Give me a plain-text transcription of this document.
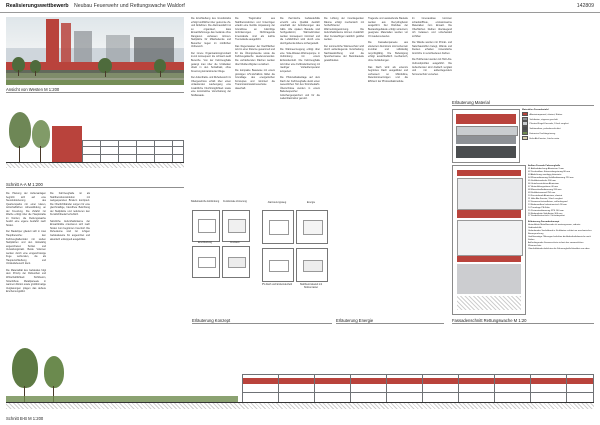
Realisierungswettbewerb Neubau Feuerwehr und Rettungswache Waldorf	142809
Ansicht von Westen M 1:200
Schnitt A-A M 1:200

Die Planung der Außenanlagen begrüßt sich auf eine Neustrukturierung des Quartiersparks mit einer klaren, wirtschaftlichen Adressbildung an der Kreuzung. Die Zufahrt zur Wache erfolgt über die Hauptstraße im Norden; die Rettungswache besitzt eine eigene Ausfahrt nach Süden.

Der Baukörper gliedert sich in zwei Hauptbereiche: den Fahrzeughallentrakt mit sieben Stellplätzen und den rückwärtig angeordneten Sozial- und Verwaltungstrakt. Beide Volumen werden durch eine eingeschossige Fuge verbunden, die als Haupterschließung und Umkleidebereich dient.

Die Materialität des Gebäudes folgt dem Prinzip der Robustheit und Wirtschaftlichkeit: Sichtbeton, hinterlüftete Metallpaneele in warmem Rotton sowie großformatige Verglasungen prägen das äußere Erscheinungsbild.

Die Fahrzeughalle ist als Stahlbetonkonstruktion mit weitgespannten Bindern konzipiert. Die Oberlichtbänder sorgen für eine gleichmäßige, blendfreie Belichtung der Stellplätze und reduzieren den Kunstlichtbedarf erheblich.

Sämtliche Aufenthaltsräume der Einsatzkräfte orientieren sich nach Süden zum begrünten Innenhof. Die Ruheräume sind zur ruhigen Gebäudeseite hin angeordnet und akustisch entkoppelt ausgebildet.

Die Erschließung des Grundstücks erfolgt konfliktfrei über getrennte Zu- und Abfahrten. Die Alarmausfahrt ist so organisiert, dass Einsatzfahrzeuge das Gelände ohne Rangieren verlassen können. Stellplätze für Mitarbeitende und Besucher liegen im nördlichen Vorbereich.

Der innere Organisationsgrundsatz trennt konsequent die schwarz-weiß Bereiche. Von der Fahrzeughalle gelangt man über die Umkleiden direkt in den Sozialtrakt, ohne Kreuzung kontaminierter Wege.

Der Aufenthalts- und Ruhebereich im Obergeschoss erhält über einen umlaufenden Laubengang eine zusätzliche Fluchtmöglichkeit sowie eine konstruktive Verschattung der Südfassade.

Die Tragstruktur aus Stahlbetonstützen und Unterzügen erlaubt eine flexible Anpassung der Grundrisse an zukünftige Anforderungen. Nichttragende Innenwände sind als leichte Trennwände ausgeführt.

Das Regenwasser der Dachflächen wird in einer Zisterne gesammelt und für die Übungszwecke sowie die Fahrzeugwäsche wiederverwendet. Die verbleibenden Flächen werden über Mulden-Rigolen versickert.

Die kompakte Bauweise mit einem günstigen A/V-Verhältnis bildet die Grundlage des energetischen Konzeptes und minimiert die Transmissionswärmeverluste dauerhaft.

Die thermische Gebäudehülle erreicht eine Qualität deutlich unterhalb der Anforderungen des GEG. Alle opaken Bauteile sind hochgedämmt, Wärmebrücken werden konsequent minimiert und die Luftdichtheit wird durch eine durchgehende Ebene sichergestellt.

Die Wärmeerzeugung erfolgt über eine Sole-Wasser-Wärmepumpe in Verbindung mit einem Erdsondenfeld. Die Fahrzeughalle wird über eine Fußbodenheizung mit niedriger Vorlauftemperatur temperiert.

Die Photovoltaikanlage auf dem Dach der Fahrzeughalle deckt einen wesentlichen Teil des Strombedarfs. Überschüsse werden in einem Batteriespeicher zwischengespeichert und für die Ladeinfrastruktur genutzt.

Die Lüftung der innenliegenden Räume erfolgt mechanisch mit hocheffizienter Wärmerückgewinnung. Die Aufenthaltsräume können zusätzlich über Fensterflügel natürlich gelüftet werden.

Der sommerliche Wärmeschutz wird durch außenliegende Verschattung, Nachtauskühlung und die Speichermasse der Betonbauteile gewährleistet.

Tragende und aussteifende Bauteile werden aus Recyclingbeton ausgeführt. Der Rückbau der Bestandsgebäude erfolgt sortenrein; geeignete Materialien werden vor Ort wiederverwertet.

Die Fassadenpaneele aus eloxiertem Aluminium sind sortenrein trennbar und vollständig recyclingfähig. Die Befestigung erfolgt ausschließlich mechanisch, ohne Verklebungen.

Das Dach wird als extensiv begrüntes Dach ausgebildet und verbessert so Mikroklima, Retentionsvermögen und die Effizienz der Photovoltaikmodule.

Im Innenausbau kommen schadstofffreie, emissionsarme Materialien zum Einsatz. Die Oberflächen bleiben überwiegend roh belassen und unbehandelt sichtbar.

Die Wände werden mit Primär- und Naturbaustoffen belegt, Wände und Decken erhalten mineralische Anstriche in verschiedenen Farben.

Die Holzfenster werden mit Holz-Alu-Verbundprofilen ausgeführt. Die Außenfenster sind dreifach verglast und mit außenliegendem Sonnenschutz versehen.

Städtebauliche Einbindung	Funktionale Zonierung
Erschließung	Freiraum
Alarmierungsweg	Energie
PV-Dach und Erdsondenfeld	Stahlbetonskelett mit Stützenraster
Erläuterung Konzept	Erläuterung Energie
Erläuterung Material
Materialien Fassadentafel
Aluminiumpaneel, eloxiert, Rotton
Sichtbeton, sägerau geschalt
Pfosten-Riegel-Fassade, 3-fach verglast
Sektionaltore, pulverbeschichtet
Extensive Dachbegrünung
Holz-Alu-Fenster, Lärche natur
Aufbau Fassade Fahrzeughalle
01 Attikaabdeckung Aluminium 3 mm
02 Dachaufbau: Extensivbegrünung 80 mm
03 Abdichtung zweilagig bituminös
04 Wärmedämmung Gefälledämmung 220 mm
05 Stahlbetondecke 300 mm
06 Unterkonstruktion Aluminium
07 Hinterlüftungsebene 40 mm
08 Mineralwolledämmung 200 mm
09 Stahlbetonwand 250 mm
10 Fensterbank Aluminium, eloxiert
11 Holz-Alu-Fenster, 3-fach verglast
12 Sonnenschutzraffstore, außenliegend
13 Bodenaufbau Industrieestrich 90 mm
14 Trennlage PE-Folie
15 Perimeterdämmung XPS 140 mm
16 Bodenplatte Stahlbeton 300 mm
17 Sauberkeitsschicht / Schotterpaket
Erläuterung Fassadenkonzept
Hinterlüftete Metallfassade als wartungsarme, robuste Gebäudehülle
Umlaufendes Sockelband in Sichtbeton schützt vor mechanischer Beanspruchung
Großformatige Öffnungen belichten die Aufenthaltsbereiche nach Süden
Außenliegender Sonnenschutz sichert den sommerlichen Wärmeschutz
Oberlichtbänder belichten die Fahrzeughalle blendfrei von oben
Fassadenschnitt Rettungswache M 1:20
Schnitt B-B M 1:200
